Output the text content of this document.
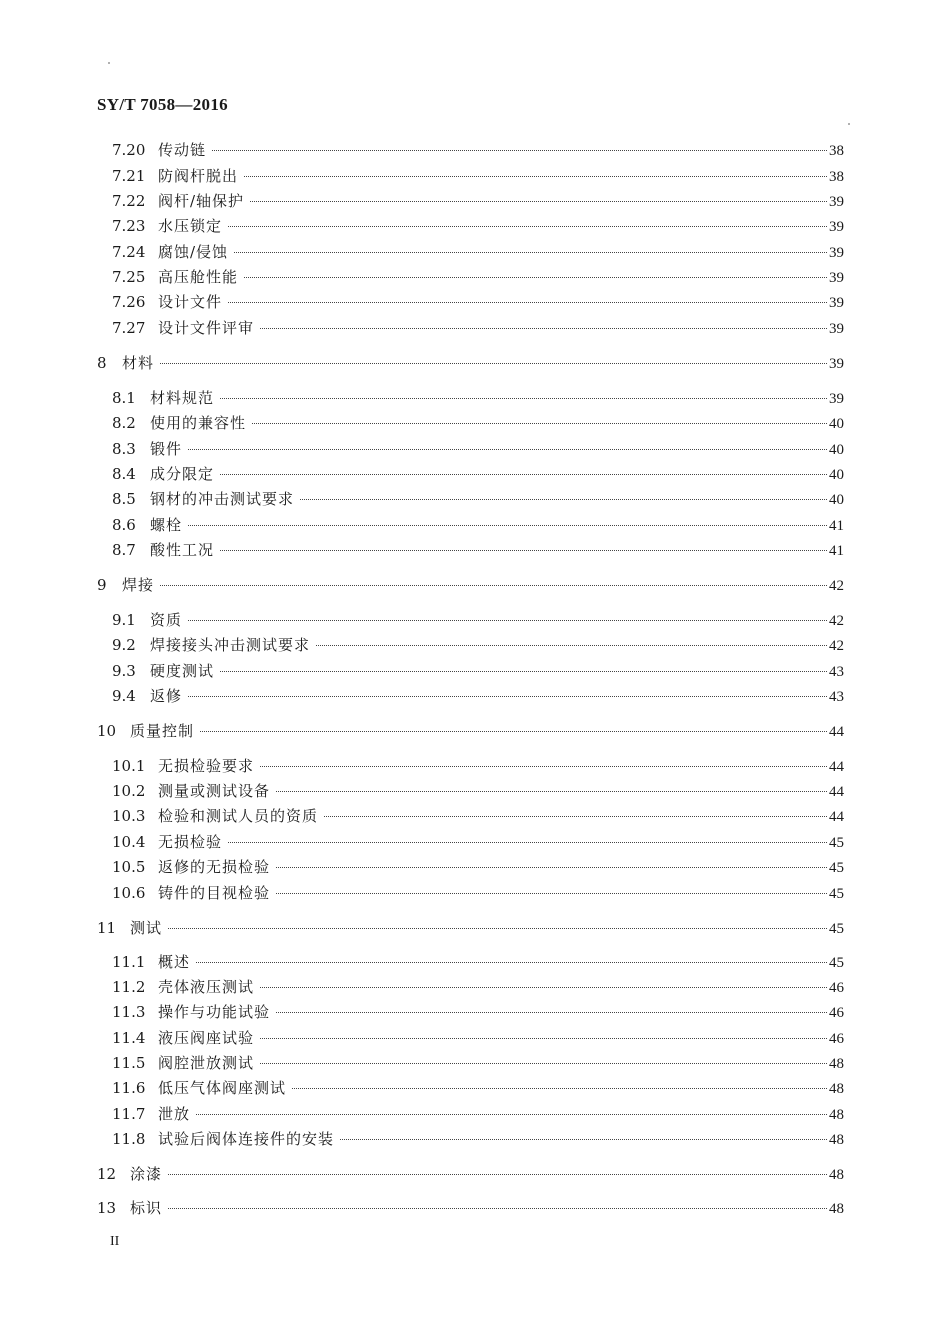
SY/T 7058—2016
7.20 传动链	38
7.21 防阀杆脱出	38
7.22 阀杆/轴保护	39
7.23 水压锁定	39
7.24 腐蚀/侵蚀	39
7.25 高压舱性能	39
7.26 设计文件	39
7.27 设计文件评审	39
8	材料	39
8.1 材料规范	39
8.2 使用的兼容性	40
8.3 锻件	40
8.4 成分限定	40
8.5 钢材的冲击测试要求	40
8.6 螺栓	41
8.7 酸性工况	41
9	焊接	42
9.1 资质	42
9.2 焊接接头冲击测试要求	42
9.3 硬度测试	43
9.4 返修	43
10 质量控制	44
10.1 无损检验要求	44
10.2 测量或测试设备	44
10.3 检验和测试人员的资质	44
10.4 无损检验	45
10.5 返修的无损检验	45
10.6 铸件的目视检验	45
11 测试	45
11.1 概述	45
11.2 壳体液压测试	46
11.3 操作与功能试验	46
11.4 液压阀座试验	46
11.5 阀腔泄放测试	48
11.6 低压气体阀座测试	48
11.7 泄放	48
11.8 试验后阀体连接件的安装	48
12 涂漆	48
13 标识	48
II
